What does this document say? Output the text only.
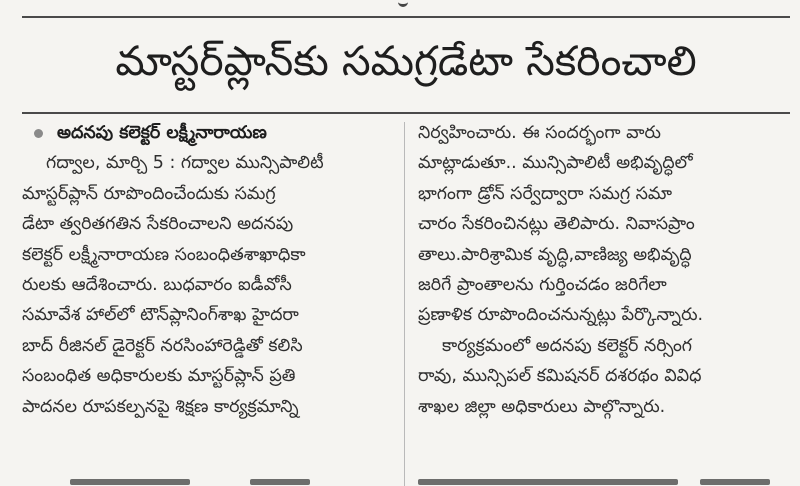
మాస్టర్‌ప్లాన్‌కు సమగ్రడేటా సేకరించాలి
అదనపు కలెక్టర్ లక్ష్మీనారాయణ
గద్వాల, మార్చి 5 : గద్వాల మున్సిపాలిటీ
మాస్టర్‌ప్లాన్ రూపొందించేందుకు సమగ్ర
డేటా త్వరితగతిన సేకరించాలని అదనపు
కలెక్టర్ లక్ష్మీనారాయణ సంబంధితశాఖాధికా
రులకు ఆదేశించారు. బుధవారం ఐడీవోసీ
సమావేశ హాల్‌లో టౌన్‌ప్లానింగ్‌శాఖ హైదరా
బాద్ రీజినల్ డైరెక్టర్ నరసింహారెడ్డితో కలిసి
సంబంధిత అధికారులకు మాస్టర్‌ప్లాన్ ప్రతి
పాదనల రూపకల్పనపై శిక్షణ కార్యక్రమాన్ని
నిర్వహించారు. ఈ సందర్భంగా వారు
మాట్లాడుతూ.. మున్సిపాలిటీ అభివృద్ధిలో
భాగంగా డ్రోన్ సర్వేద్వారా సమగ్ర సమా
చారం సేకరించినట్లు తెలిపారు. నివాసప్రాం
తాలు.పారిశ్రామిక వృద్ధి,వాణిజ్య అభివృద్ధి
జరిగే ప్రాంతాలను గుర్తించడం జరిగేలా
ప్రణాళిక రూపొందించనున్నట్లు పేర్కొన్నారు.
కార్యక్రమంలో అదనపు కలెక్టర్ నర్సింగ
రావు, మున్సిపల్ కమిషనర్ దశరథం వివిధ
శాఖల జిల్లా అధికారులు పాల్గొన్నారు.
